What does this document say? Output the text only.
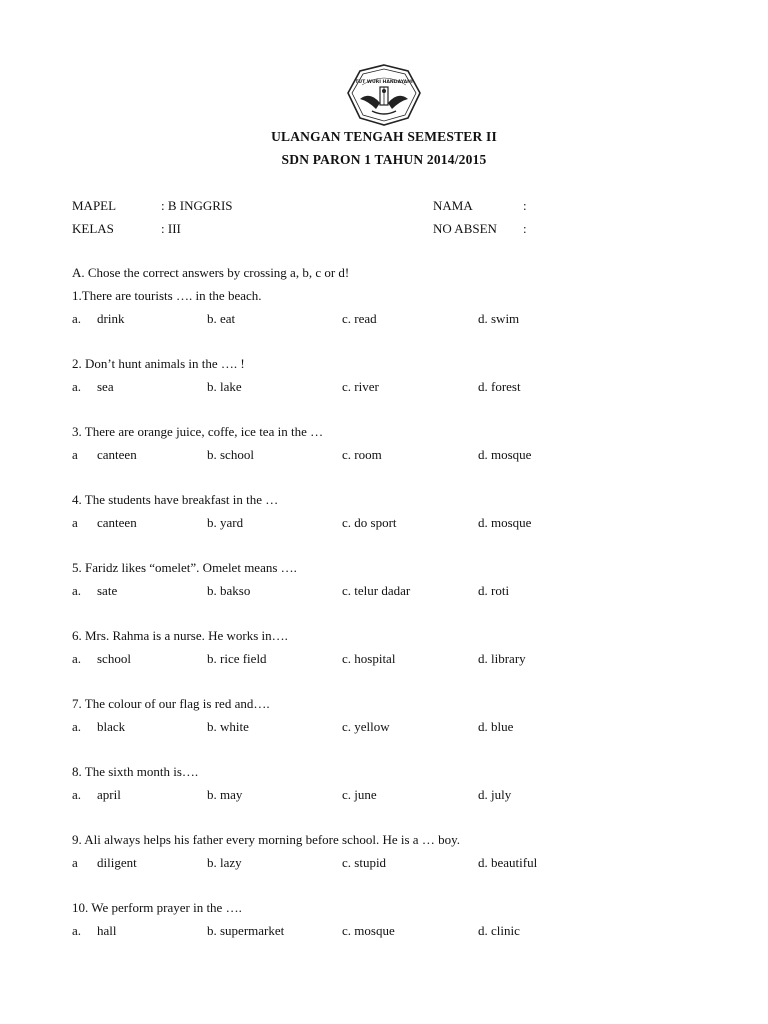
TUT WURI HANDAYANI
ULANGAN TENGAH SEMESTER II
SDN PARON 1 TAHUN 2014/2015
MAPEL	: B INGGRIS	NAMA	:
KELAS	: III	NO ABSEN :
A. Chose the correct answers by crossing a, b, c or d!
1.There are tourists …. in the beach.
a. drink	b. eat	c. read	d. swim
2. Don’t hunt animals in the …. !
a. sea	b. lake	c. river	d. forest
3. There are orange juice, coffe, ice tea in the …
a canteen	b. school	c. room	d. mosque
4. The students have breakfast in the …
a canteen	b. yard	c. do sport	d. mosque
5. Faridz likes “omelet”. Omelet means ….
a. sate	b. bakso	c. telur dadar	d. roti
6. Mrs. Rahma is a nurse. He works in….
a. school	b. rice field	c. hospital	d. library
7. The colour of our flag is red and….
a. black	b. white	c. yellow	d. blue
8. The sixth month is….
a. april	b. may	c. june	d. july
9. Ali always helps his father every morning before school. He is a … boy.
a diligent	b. lazy	c. stupid	d. beautiful
10. We perform prayer in the ….
a. hall	b. supermarket	c. mosque	d. clinic
